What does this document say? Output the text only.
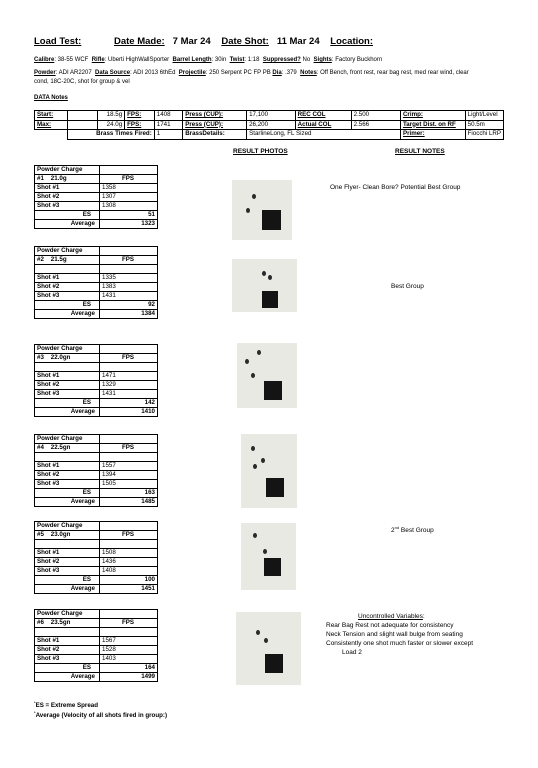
Load Test:	Date Made: 7 Mar 24 Date Shot: 11 Mar 24 Location:
Calibre: 38-55 WCF Rifle: Uberti HighWallSporter Barrel Length: 30in Twist: 1:18 Suppressed? No Sights: Factory Buckhorn
Powder: ADI AR2207 Data Source: ADI 2013 6thEd Projectile: 250 Serpent PC FP PB Dia: .379 Notes: Off Bench, front rest, rear bag rest, med rear wind, clear
cond, 18C-20C, shot for group & vel
DATA Notes
Start:		18.5g	FPS:	1408	Press (CUP):	17,100	REC COL	2.500	Crimp:	Light/Level
Max:		24.0g	FPS:	1741	Press (CUP):	26,200	Actual COL	2.566	Target Dist. on RF	50.5m
	Brass Times Fired:			1	BrassDetails:	StarlineLong, FL Sized			Primer:	Fiocchi LRP
RESULT PHOTOS	RESULT NOTES
Powder Charge	
#1 21.0g	FPS
Shot #1	1358
Shot #2	1307
Shot #3	1308
ES	51
Average	1323
Powder Charge	
#2 21.5g	FPS

Shot #1	1335
Shot #2	1383
Shot #3	1431
ES	92
Average	1384
Powder Charge	
#3 22.0gn	FPS

Shot #1	1471
Shot #2	1329
Shot #3	1431
ES	142
Average	1410
Powder Charge	
#4 22.5gn	FPS

Shot #1	1557
Shot #2	1394
Shot #3	1505
ES	163
Average	1485
Powder Charge	
#5 23.0gn	FPS

Shot #1	1508
Shot #2	1436
Shot #3	1408
ES	100
Average	1451
Powder Charge	
#6 23.5gn	FPS

Shot #1	1567
Shot #2	1528
Shot #3	1403
ES	164
Average	1499
One Flyer- Clean Bore? Potential Best Group
Best Group
2nd Best Group
Uncontrolled Variables:
Rear Bag Rest not adequate for consistency
Neck Tension and slight wall bulge from seating
Consistently one shot much faster or slower except
Load 2
*ES = Extreme Spread
*Average (Velocity of all shots fired in group:)
